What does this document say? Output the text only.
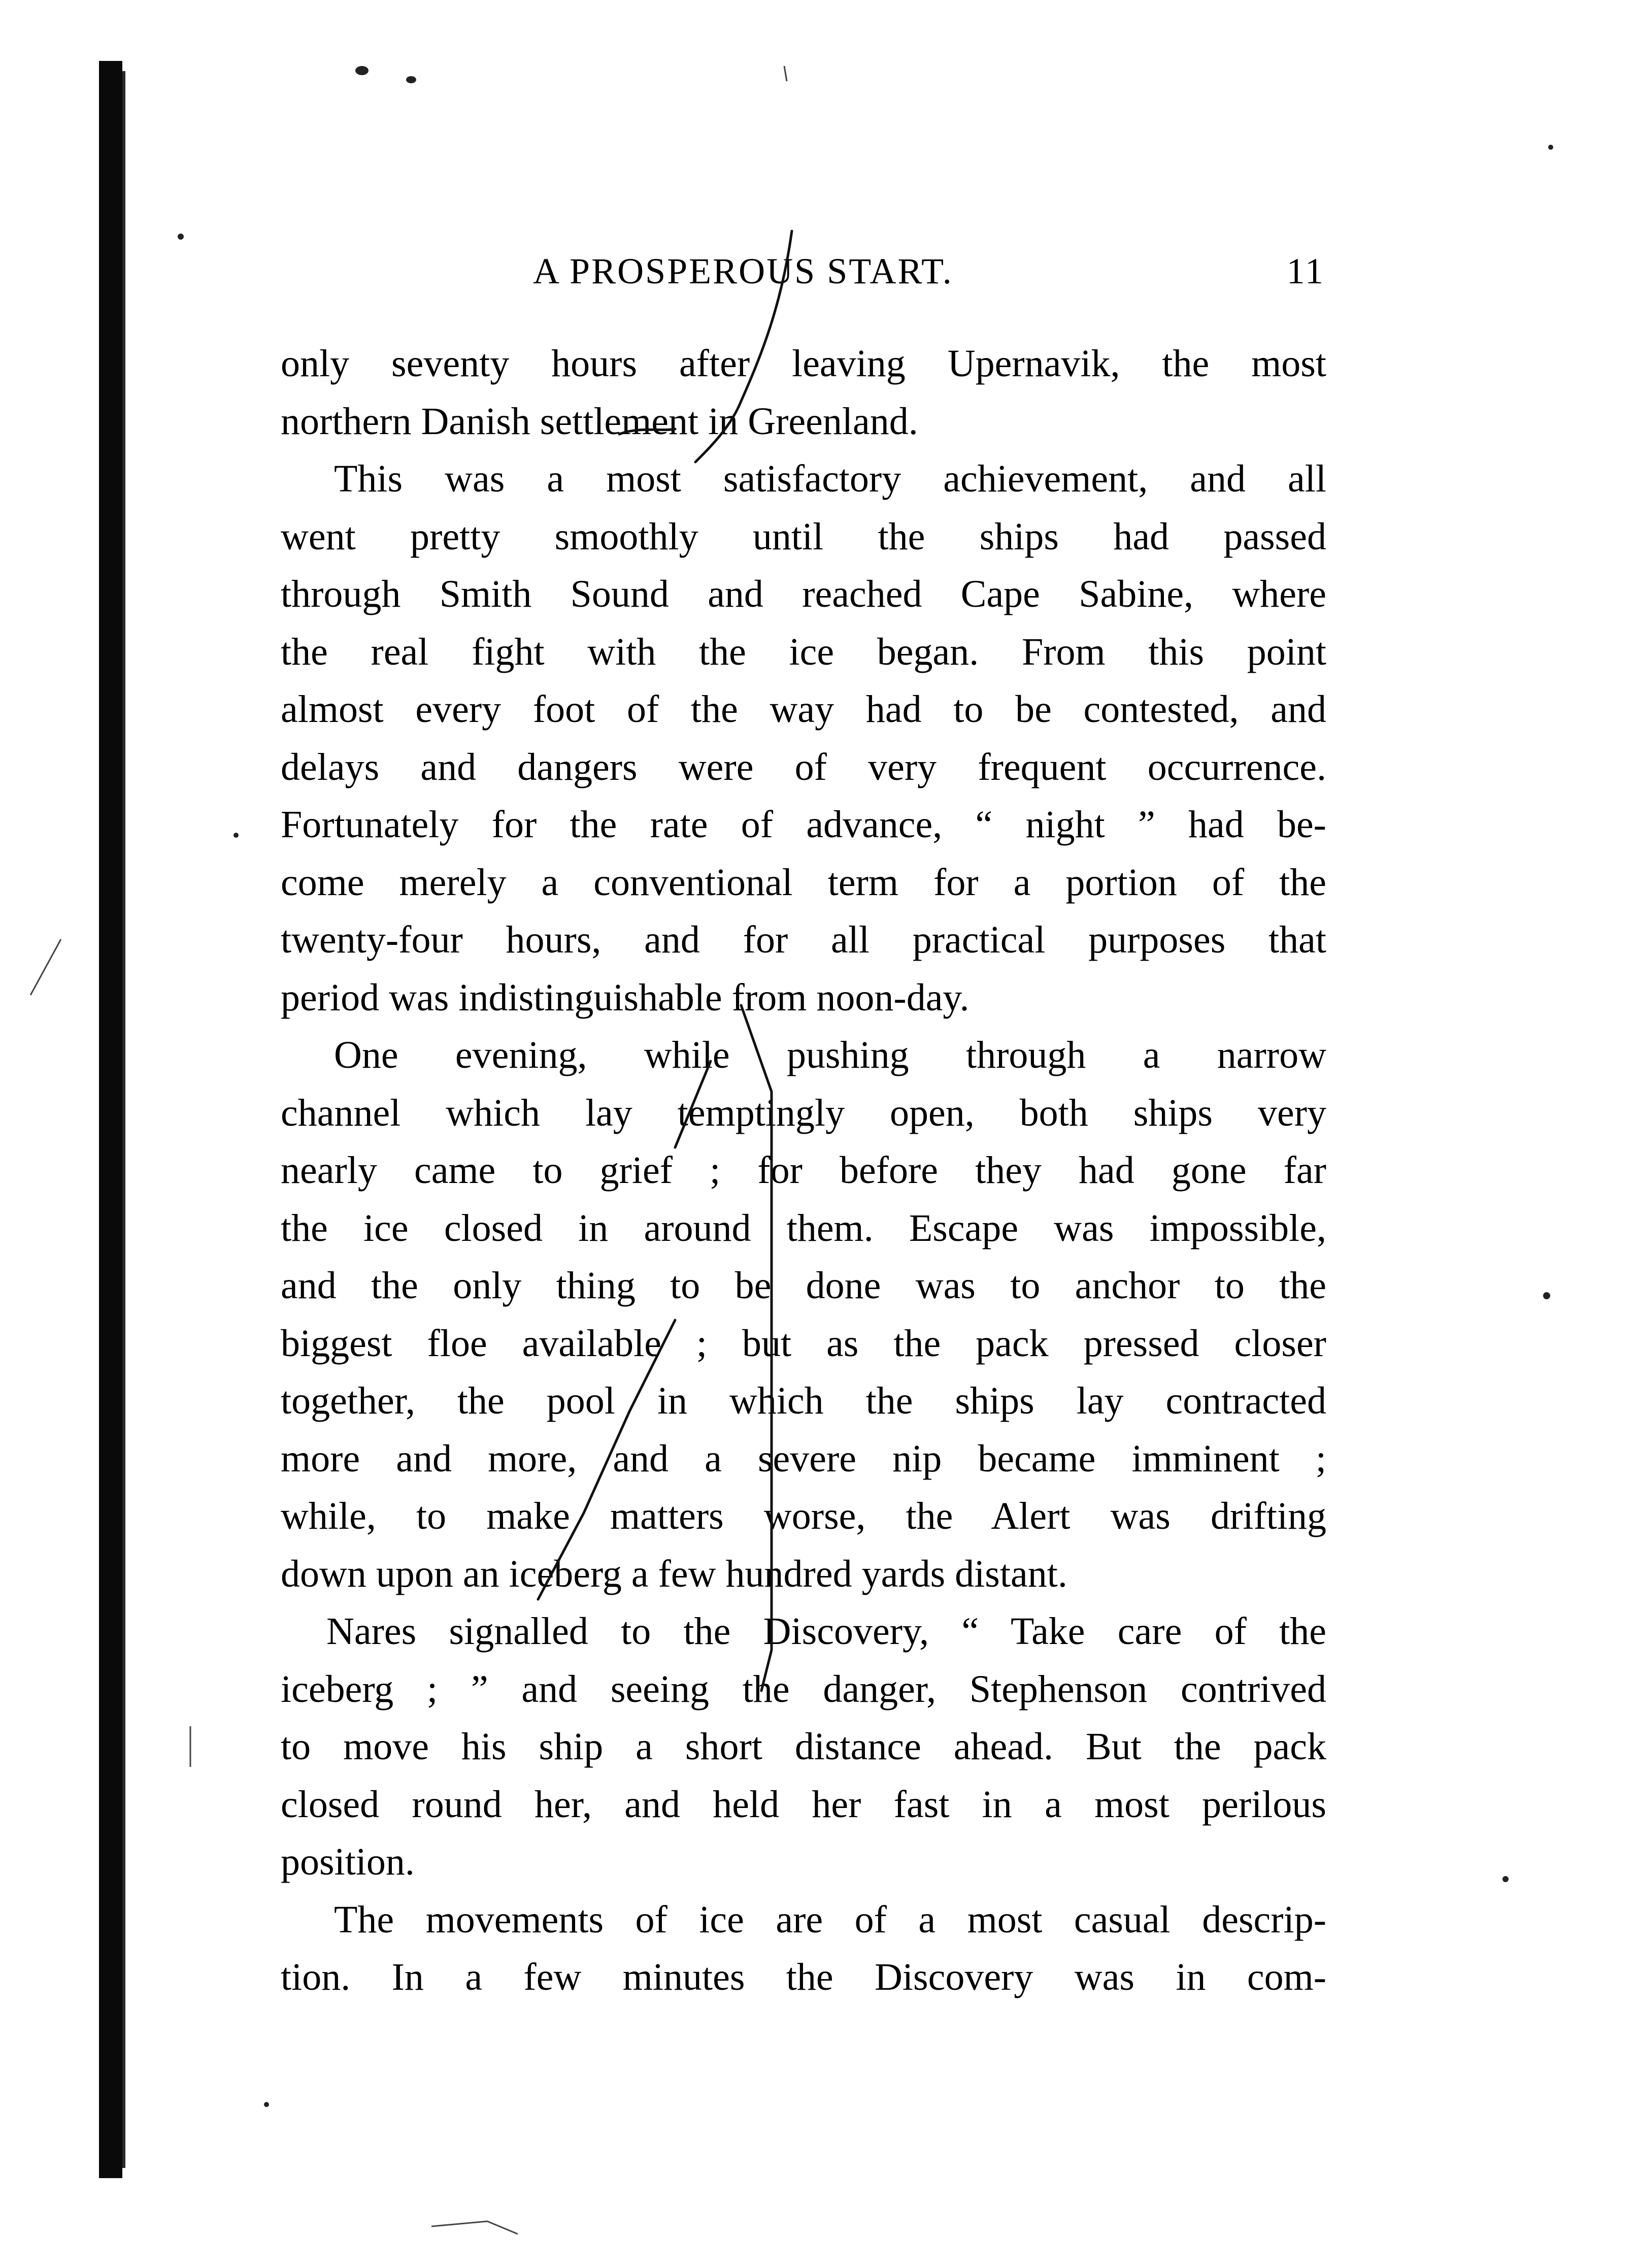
A PROSPEROUS START.	11
only seventy hours after leaving Upernavik, the most
northern Danish settlement in Greenland.
This was a most satisfactory achievement, and all
went pretty smoothly until the ships had passed
through Smith Sound and reached Cape Sabine, where
the real fight with the ice began. From this point
almost every foot of the way had to be contested, and
delays and dangers were of very frequent occurrence.
Fortunately for the rate of advance, “ night ” had be-
come merely a conventional term for a portion of the
twenty-four hours, and for all practical purposes that
period was indistinguishable from noon-day.
One evening, while pushing through a narrow
channel which lay temptingly open, both ships very
nearly came to grief ; for before they had gone far
the ice closed in around them. Escape was impossible,
and the only thing to be done was to anchor to the
biggest floe available ; but as the pack pressed closer
together, the pool in which the ships lay contracted
more and more, and a severe nip became imminent ;
while, to make matters worse, the Alert was drifting
down upon an iceberg a few hundred yards distant.
Nares signalled to the Discovery, “ Take care of the
iceberg ; ” and seeing the danger, Stephenson contrived
to move his ship a short distance ahead. But the pack
closed round her, and held her fast in a most perilous
position.
The movements of ice are of a most casual descrip-
tion. In a few minutes the Discovery was in com-
